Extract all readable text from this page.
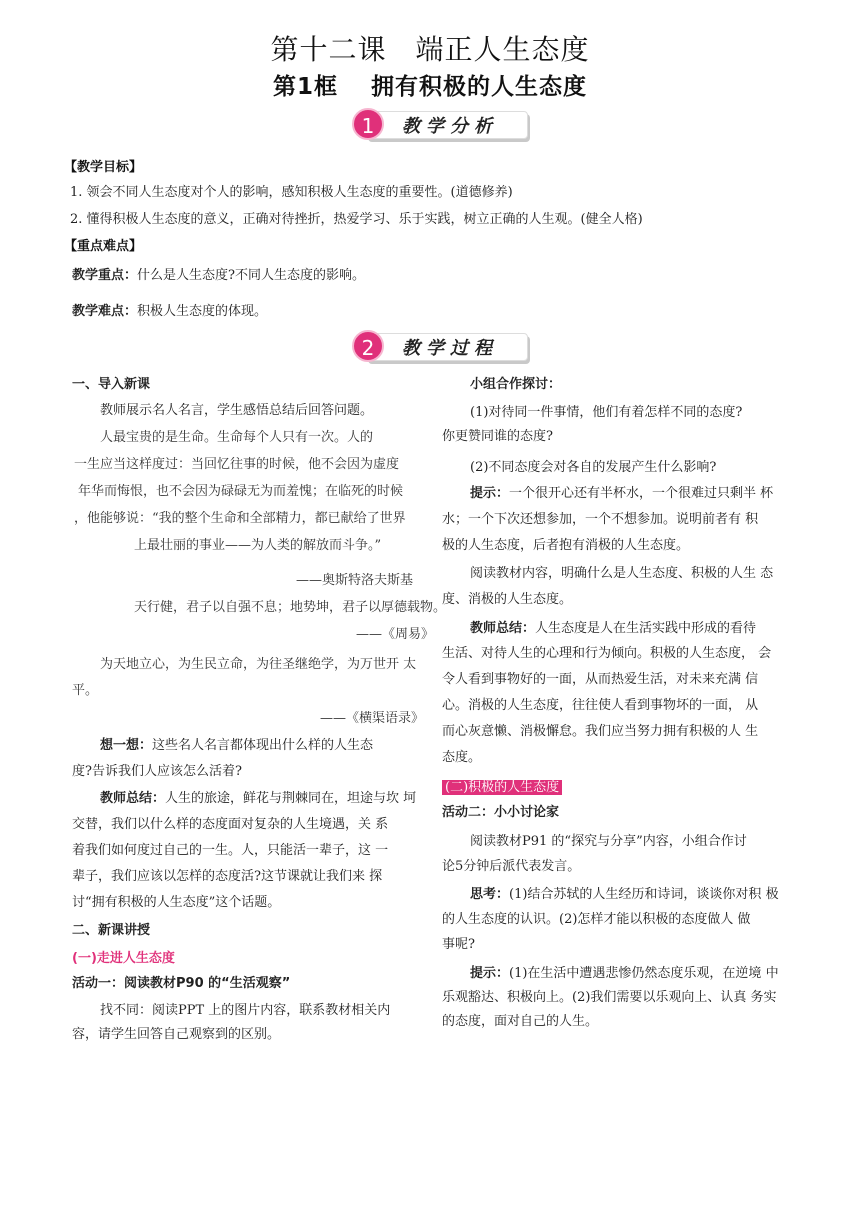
第十二课　端正人生态度
第1框　 拥有积极的人生态度
1	教学分析
【教学目标】
1. 领会不同人生态度对个人的影响，感知积极人生态度的重要性。(道德修养)
2. 懂得积极人生态度的意义，正确对待挫折，热爱学习、乐于实践，树立正确的人生观。(健全人格)
【重点难点】
教学重点：什么是人生态度?不同人生态度的影响。
教学难点：积极人生态度的体现。
2	教学过程
一、导入新课
教师展示名人名言，学生感悟总结后回答问题。
人最宝贵的是生命。生命每个人只有一次。人的
一生应当这样度过：当回忆往事的时候，他不会因为虚度
年华而悔恨，也不会因为碌碌无为而羞愧；在临死的时候
，他能够说：“我的整个生命和全部精力，都已献给了世界
上最壮丽的事业——为人类的解放而斗争。”
——奥斯特洛夫斯基
天行健，君子以自强不息；地势坤，君子以厚德载物。
——《周易》
为天地立心，为生民立命，为往圣继绝学，为万世开 太
平。
——《横渠语录》
想一想：这些名人名言都体现出什么样的人生态
度?告诉我们人应该怎么活着?
教师总结：人生的旅途，鲜花与荆棘同在，坦途与坎 坷
交替，我们以什么样的态度面对复杂的人生境遇，关 系
着我们如何度过自己的一生。人，只能活一辈子，这 一
辈子，我们应该以怎样的态度活?这节课就让我们来 探
讨“拥有积极的人生态度”这个话题。
二、新课讲授
(一)走进人生态度
活动一：阅读教材P90 的“生活观察”
找不同：阅读PPT 上的图片内容，联系教材相关内
容，请学生回答自己观察到的区别。
小组合作探讨：
(1)对待同一件事情，他们有着怎样不同的态度?
你更赞同谁的态度?
(2)不同态度会对各自的发展产生什么影响?
提示：一个很开心还有半杯水，一个很难过只剩半 杯
水；一个下次还想参加，一个不想参加。说明前者有 积
极的人生态度，后者抱有消极的人生态度。
阅读教材内容，明确什么是人生态度、积极的人生 态
度、消极的人生态度。
教师总结：人生态度是人在生活实践中形成的看待
生活、对待人生的心理和行为倾向。积极的人生态度， 会
令人看到事物好的一面，从而热爱生活，对未来充满 信
心。消极的人生态度，往往使人看到事物坏的一面， 从
而心灰意懒、消极懈怠。我们应当努力拥有积极的人 生
态度。
(二)积极的人生态度
活动二：小小讨论家
阅读教材P91 的“探究与分享”内容，小组合作讨
论5分钟后派代表发言。
思考：(1)结合苏轼的人生经历和诗词，谈谈你对积 极
的人生态度的认识。(2)怎样才能以积极的态度做人 做
事呢?
提示：(1)在生活中遭遇悲惨仍然态度乐观，在逆境 中
乐观豁达、积极向上。(2)我们需要以乐观向上、认真 务实
的态度，面对自己的人生。
